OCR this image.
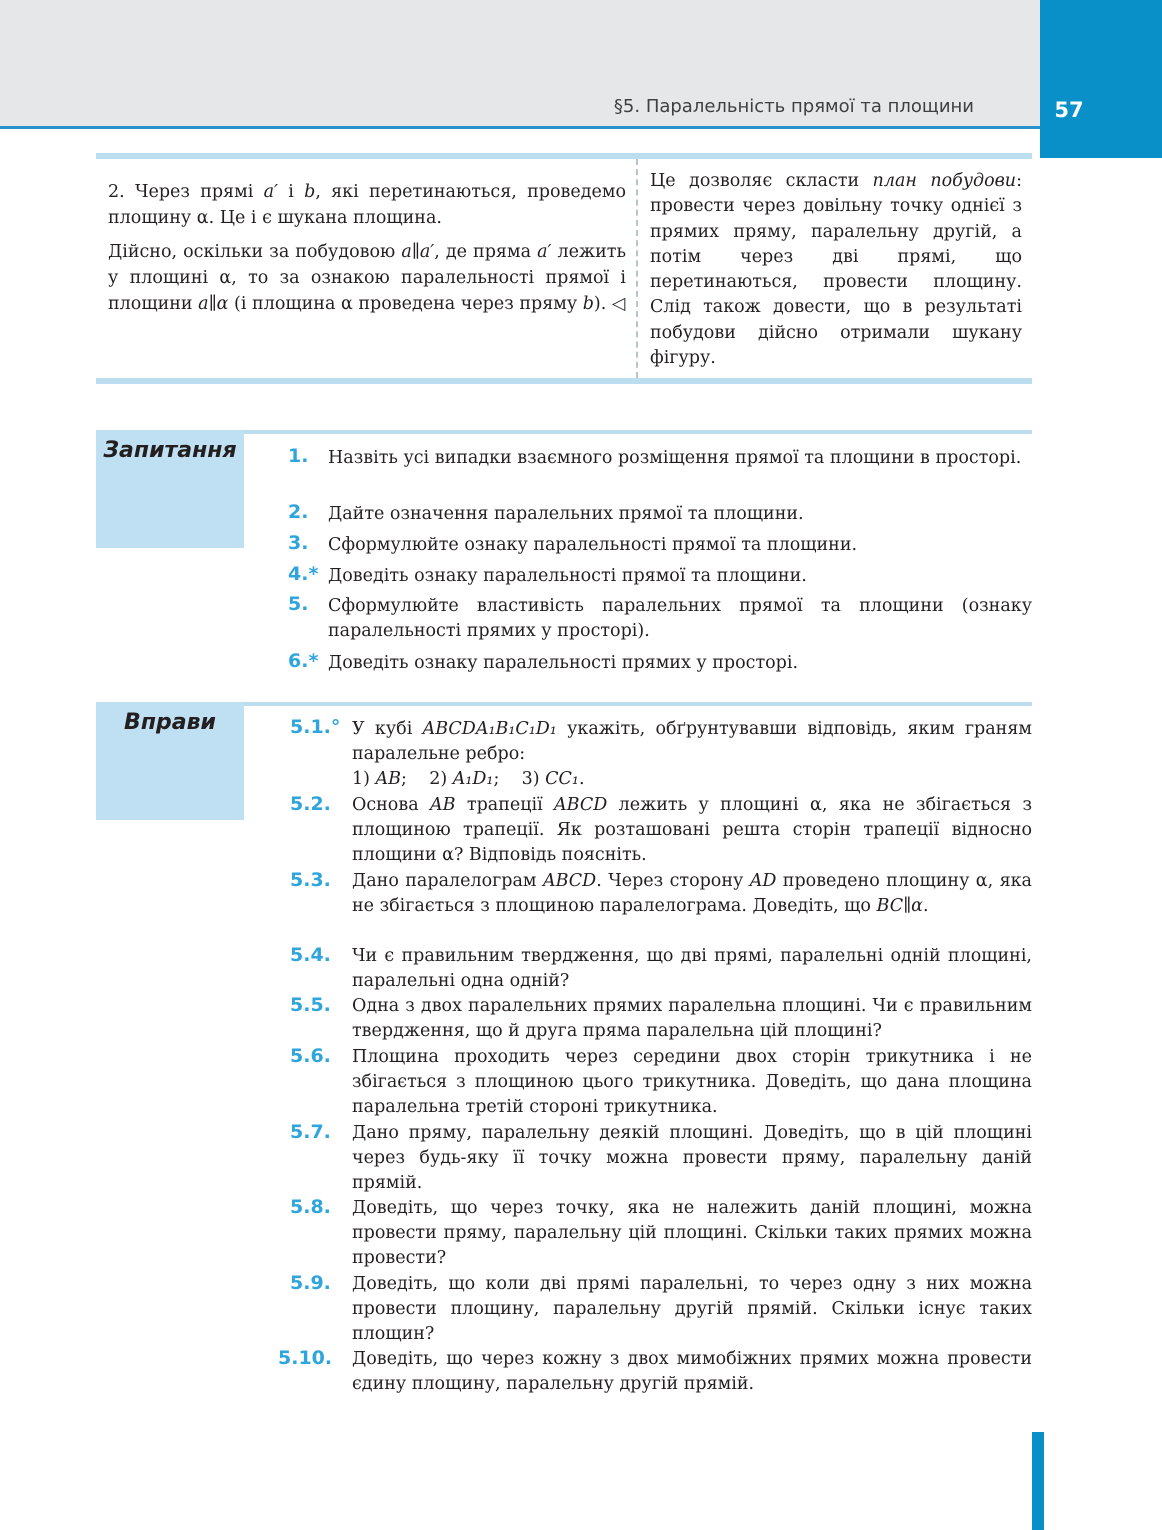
§5. Паралельність прямої та площини	57

2. Через прямі a′ і b, які перетинаються, проведемо площину α. Це і є шукана площина.

Дійсно, оскільки за побудовою a∥a′, де пряма a′ лежить у площині α, то за ознакою паралельності прямої і площини a∥α (і площина α проведена через пряму b). ◁

Це дозволяє скласти план побудови: провести через довільну точку однієї з прямих пряму, паралельну другій, а потім через дві прямі, що перетинаються, провести площину. Слід також довести, що в результаті побудови дійсно отримали шукану фігуру.

Запитання	1. Назвіть усі випадки взаємного розміщення прямої та площини в просторі.
2. Дайте означення паралельних прямої та площини.
3. Сформулюйте ознаку паралельності прямої та площини.
4.* Доведіть ознаку паралельності прямої та площини.
5. Сформулюйте властивість паралельних прямої та площини (ознаку паралельності прямих у просторі).
6.* Доведіть ознаку паралельності прямих у просторі.
Вправи	5.1.° У кубі ABCDA₁B₁C₁D₁ укажіть, обґрунтувавши відповідь, яким граням паралельне ребро:
1) AB; 2) A₁D₁; 3) CC₁.
5.2. Основа AB трапеції ABCD лежить у площині α, яка не збігається з площиною трапеції. Як розташовані решта сторін трапеції відносно площини α? Відповідь поясніть.
5.3. Дано паралелограм ABCD. Через сторону AD проведено площину α, яка не збігається з площиною паралелограма. Доведіть, що BC∥α.
5.4. Чи є правильним твердження, що дві прямі, паралельні одній площині, паралельні одна одній?
5.5. Одна з двох паралельних прямих паралельна площині. Чи є правильним твердження, що й друга пряма паралельна цій площині?
5.6. Площина проходить через середини двох сторін трикутника і не збігається з площиною цього трикутника. Доведіть, що дана площина паралельна третій стороні трикутника.
5.7. Дано пряму, паралельну деякій площині. Доведіть, що в цій площині через будь-яку її точку можна провести пряму, паралельну даній прямій.
5.8. Доведіть, що через точку, яка не належить даній площині, можна провести пряму, паралельну цій площині. Скільки таких прямих можна провести?
5.9. Доведіть, що коли дві прямі паралельні, то через одну з них можна провести площину, паралельну другій прямій. Скільки існує таких площин?
5.10. Доведіть, що через кожну з двох мимобіжних прямих можна провести єдину площину, паралельну другій прямій.
